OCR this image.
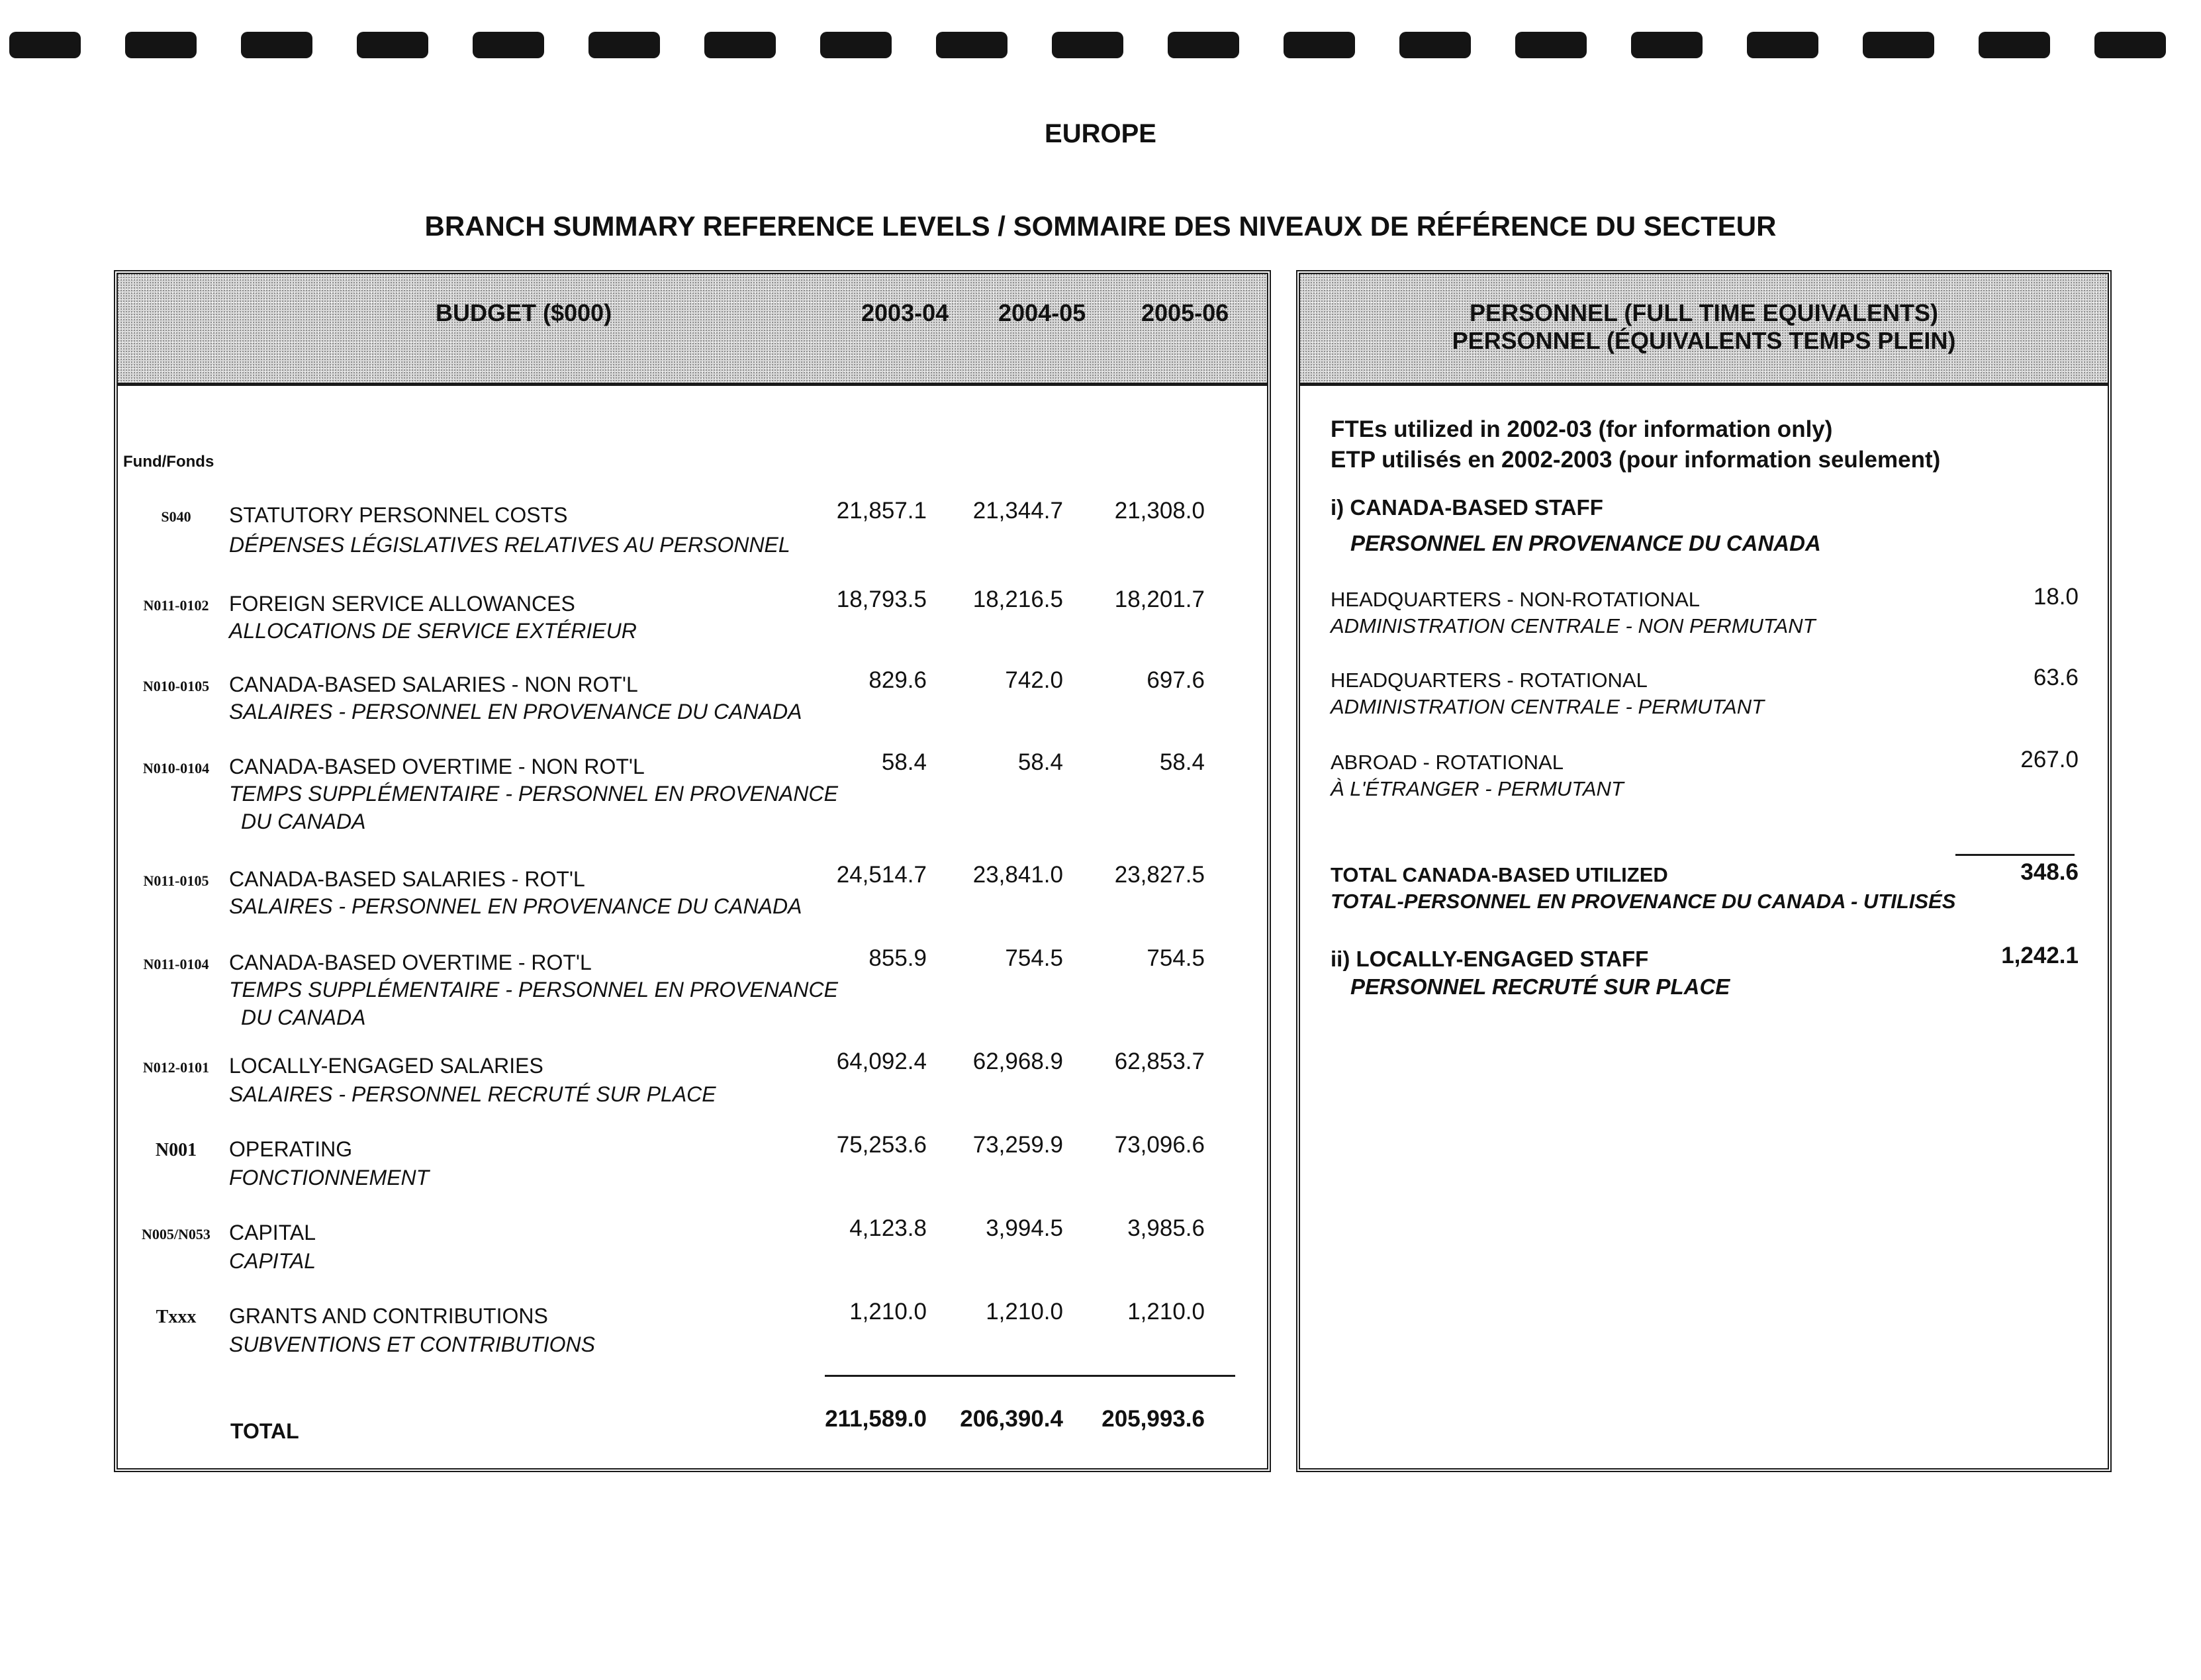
EUROPE
BRANCH SUMMARY REFERENCE LEVELS / SOMMAIRE DES NIVEAUX DE RÉFÉRENCE DU SECTEUR
BUDGET ($000)	2003-04 2004-05 2005-06
Fund/Fonds
S040	STATUTORY PERSONNEL COSTS
DÉPENSES LÉGISLATIVES RELATIVES AU PERSONNEL
21,857.1	21,344.7	21,308.0
N011-0102 FOREIGN SERVICE ALLOWANCES
ALLOCATIONS DE SERVICE EXTÉRIEUR
18,793.5	18,216.5	18,201.7
N010-0105 CANADA-BASED SALARIES - NON ROT'L
SALAIRES - PERSONNEL EN PROVENANCE DU CANADA
829.6	742.0	697.6
N010-0104 CANADA-BASED OVERTIME - NON ROT'L
TEMPS SUPPLÉMENTAIRE - PERSONNEL EN PROVENANCE
DU CANADA
58.4	58.4	58.4
N011-0105 CANADA-BASED SALARIES - ROT'L
SALAIRES - PERSONNEL EN PROVENANCE DU CANADA
24,514.7	23,841.0	23,827.5
N011-0104 CANADA-BASED OVERTIME - ROT'L
TEMPS SUPPLÉMENTAIRE - PERSONNEL EN PROVENANCE
DU CANADA
855.9	754.5	754.5
N012-0101 LOCALLY-ENGAGED SALARIES
SALAIRES - PERSONNEL RECRUTÉ SUR PLACE
64,092.4	62,968.9	62,853.7
N001	OPERATING
FONCTIONNEMENT
75,253.6	73,259.9	73,096.6
N005/N053 CAPITAL
CAPITAL
4,123.8	3,994.5	3,985.6
Txxx	GRANTS AND CONTRIBUTIONS
SUBVENTIONS ET CONTRIBUTIONS
1,210.0	1,210.0	1,210.0
TOTAL	211,589.0	206,390.4	205,993.6
PERSONNEL (FULL TIME EQUIVALENTS)
PERSONNEL (ÉQUIVALENTS TEMPS PLEIN)
FTEs utilized in 2002-03 (for information only)
ETP utilisés en 2002-2003 (pour information seulement)
i) CANADA-BASED STAFF
PERSONNEL EN PROVENANCE DU CANADA
HEADQUARTERS - NON-ROTATIONAL
ADMINISTRATION CENTRALE - NON PERMUTANT
18.0
HEADQUARTERS - ROTATIONAL
ADMINISTRATION CENTRALE - PERMUTANT
63.6
ABROAD - ROTATIONAL
À L'ÉTRANGER - PERMUTANT
267.0
TOTAL CANADA-BASED UTILIZED
TOTAL-PERSONNEL EN PROVENANCE DU CANADA - UTILISÉS
348.6
ii) LOCALLY-ENGAGED STAFF
PERSONNEL RECRUTÉ SUR PLACE
1,242.1
